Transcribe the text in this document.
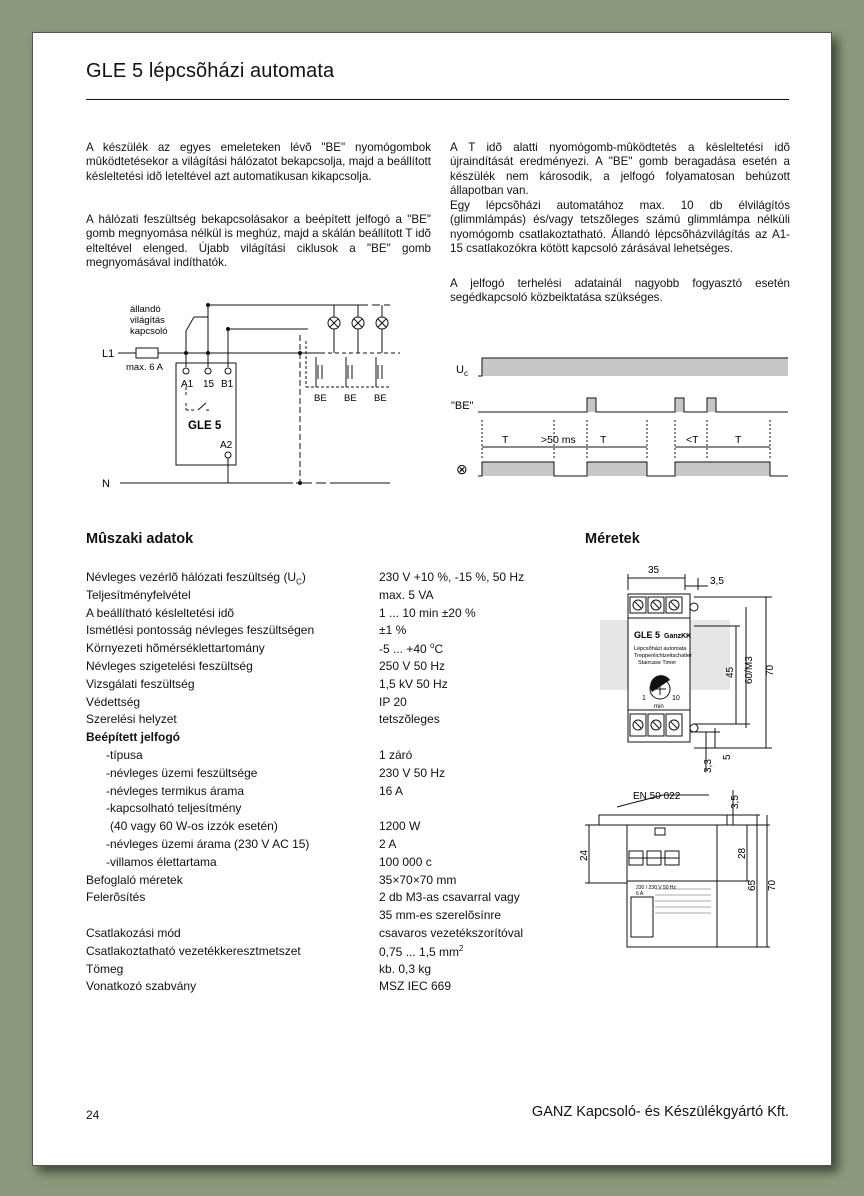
GLE 5 lépcsõházi automata

A készülék az egyes emeleteken lévõ "BE" nyomógombok mûködtetésekor a világítási hálózatot bekapcsolja, majd a beállított késleltetési idõ leteltével azt automatikusan kikapcsolja.

A hálózati feszültség bekapcsolásakor a beépített jelfogó a "BE" gomb megnyomása nélkül is meghúz, majd a skálán beállított T idõ elteltével elenged. Újabb világítási ciklusok a "BE" gomb megnyomásával indíthatók.

A T idõ alatti nyomógomb-mûködtetés a késleltetési idõ újraindítását eredményezi. A "BE" gomb beragadása esetén a készülék nem károsodik, a jelfogó folyamatosan behúzott állapotban van.

Egy lépcsõházi automatához max. 10 db élvilágítós (glimmlámpás) és/vagy tetszõleges számú glimmlámpa nélküli nyomógomb csatlakoztatható. Állandó lépcsõházvilágítás az A1-15 csatlakozókra kötött kapcsoló zárásával lehetséges.

A jelfogó terhelési adatainál nagyobb fogyasztó esetén segédkapcsoló közbeiktatása szükséges.

állandó
világítás
kapcsoló
L1
max. 6 A
A1 15 B1
GLE 5
A2
N
BE BE BE
$U_c$
"BE"
⊗
T	>50 ms T	<T	T
Mûszaki adatok	Méretek
Névleges vezérlõ hálózati feszültség $(U_C)$	230 V +10 %, -15 %, 50 Hz
Teljesítményfelvétel	max. 5 VA
A beállítható késleltetési idõ	1 ... 10 min ±20 %
Ismétlési pontosság névleges feszültségen	±1 %
Környezeti hõmérséklettartomány	-5 ... +40 $^o$C
Névleges szigetelési feszültség	250 V 50 Hz
Vizsgálati feszültség	1,5 kV 50 Hz
Védettség	IP 20
Szerelési helyzet	tetszõleges
Beépített jelfogó
-típusa	1 záró
-névleges üzemi feszültsége	230 V 50 Hz
-névleges termikus árama	16 A
-kapcsolható teljesítmény
(40 vagy 60 W-os izzók esetén)	1200 W
-névleges üzemi árama (230 V AC 15)	2 A
-villamos élettartama	100 000 c
Befoglaló méretek	35×70×70 mm
Felerõsítés	2 db M3-as csavarral vagy
35 mm-es szerelõsínre
Csatlakozási mód	csavaros vezetékszorítóval
Csatlakoztatható vezetékkeresztmetszet	0,75 ... 1,5 $mm^2$
Tömeg	kb. 0,3 kg
Vonatkozó szabvány	MSZ IEC 669
35
3,5
GLE 5 GanzKK
Lépcsõházi automata
Treppenlichtzeitschalter
Staircase Timer
1	10
min
45 60/M3 70
5
3,3
EN 50 022
230 / 230 V 50 Hz
6 A
3,5
24	28
65 70
24	GANZ Kapcsoló- és Készülékgyártó Kft.
